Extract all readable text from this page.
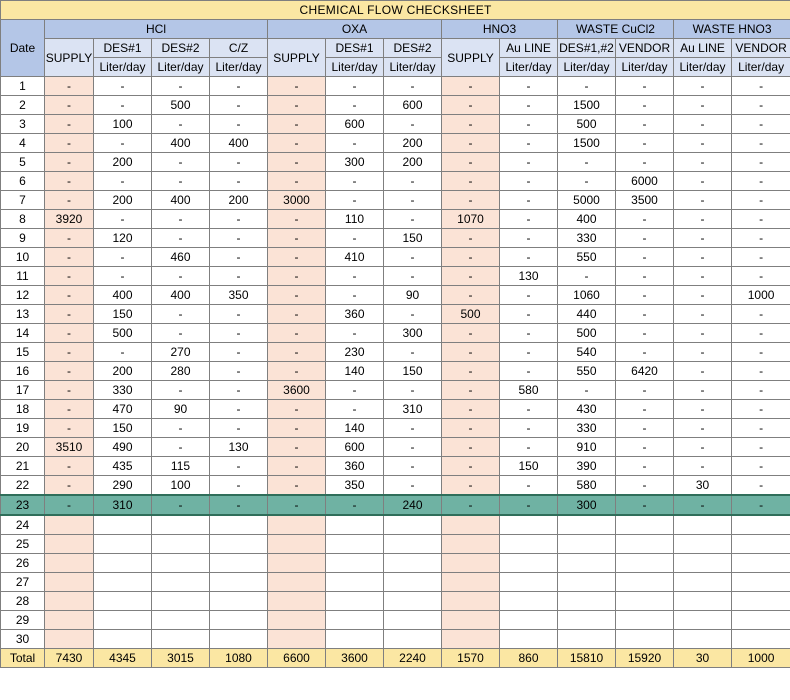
CHEMICAL FLOW CHECKSHEET													
Date	HCl				OXA			HNO3		WASTE CuCl2		WASTE HNO3	
	SUPPLY	DES#1	DES#2	C/Z	SUPPLY	DES#1	DES#2	SUPPLY	Au LINE	DES#1,#2	VENDOR	Au LINE	VENDOR
		Liter/day	Liter/day	Liter/day		Liter/day	Liter/day		Liter/day	Liter/day	Liter/day	Liter/day	Liter/day
1	-	-	-	-	-	-	-	-	-	-	-	-	-
2	-	-	500	-	-	-	600	-	-	1500	-	-	-
3	-	100	-	-	-	600	-	-	-	500	-	-	-
4	-	-	400	400	-	-	200	-	-	1500	-	-	-
5	-	200	-	-	-	300	200	-	-	-	-	-	-
6	-	-	-	-	-	-	-	-	-	-	6000	-	-
7	-	200	400	200	3000	-	-	-	-	5000	3500	-	-
8	3920	-	-	-	-	110	-	1070	-	400	-	-	-
9	-	120	-	-	-	-	150	-	-	330	-	-	-
10	-	-	460	-	-	410	-	-	-	550	-	-	-
11	-	-	-	-	-	-	-	-	130	-	-	-	-
12	-	400	400	350	-	-	90	-	-	1060	-	-	1000
13	-	150	-	-	-	360	-	500	-	440	-	-	-
14	-	500	-	-	-	-	300	-	-	500	-	-	-
15	-	-	270	-	-	230	-	-	-	540	-	-	-
16	-	200	280	-	-	140	150	-	-	550	6420	-	-
17	-	330	-	-	3600	-	-	-	580	-	-	-	-
18	-	470	90	-	-	-	310	-	-	430	-	-	-
19	-	150	-	-	-	140	-	-	-	330	-	-	-
20	3510	490	-	130	-	600	-	-	-	910	-	-	-
21	-	435	115	-	-	360	-	-	150	390	-	-	-
22	-	290	100	-	-	350	-	-	-	580	-	30	-
23	-	310	-	-	-	-	240	-	-	300	-	-	-
24													
25													
26													
27													
28													
29													
30													
Total	7430	4345	3015	1080	6600	3600	2240	1570	860	15810	15920	30	1000
